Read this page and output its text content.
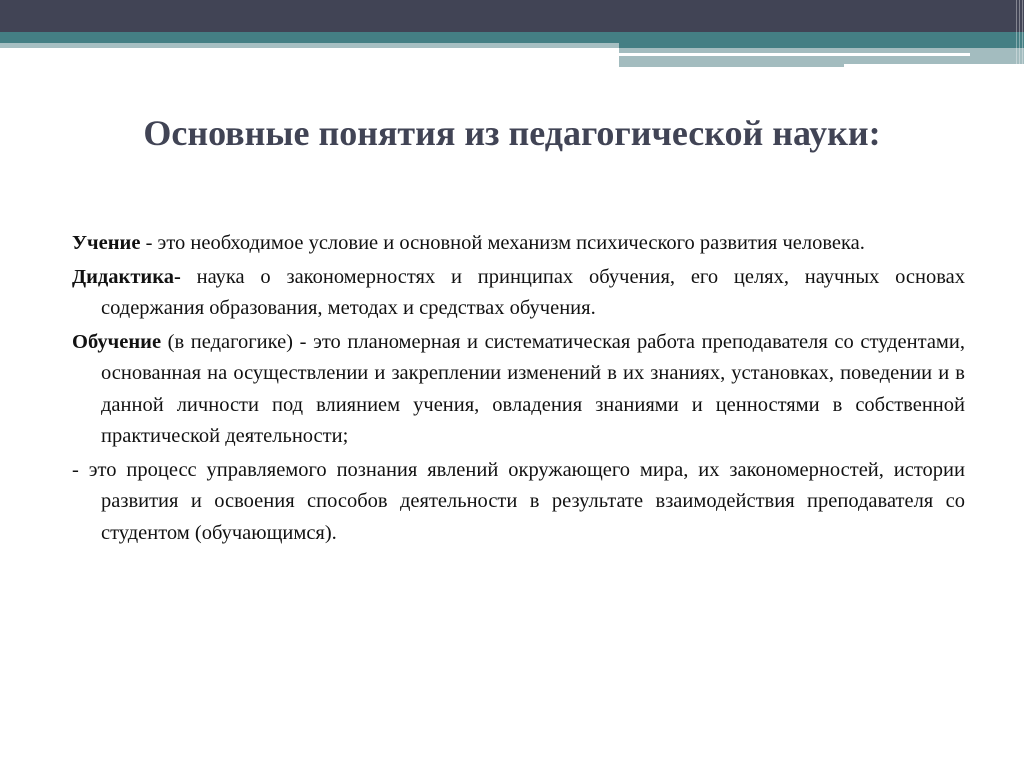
Основные понятия из педагогической науки:

Учение - это необходимое условие и основной механизм психического развития человека.

Дидактика- наука о закономерностях и принципах обучения, его целях, научных основах содержания образования, методах и средствах обучения.

Обучение (в педагогике) - это планомерная и систематическая работа преподавателя со студентами, основанная на осуществлении и закреплении изменений в их знаниях, установках, поведении и в данной личности под влиянием учения, овладения знаниями и ценностями в собственной практической деятельности;

- это процесс управляемого познания явлений окружающего мира, их закономерностей, истории развития и освоения способов деятельности в результате взаимодействия преподавателя со студентом (обучающимся).
